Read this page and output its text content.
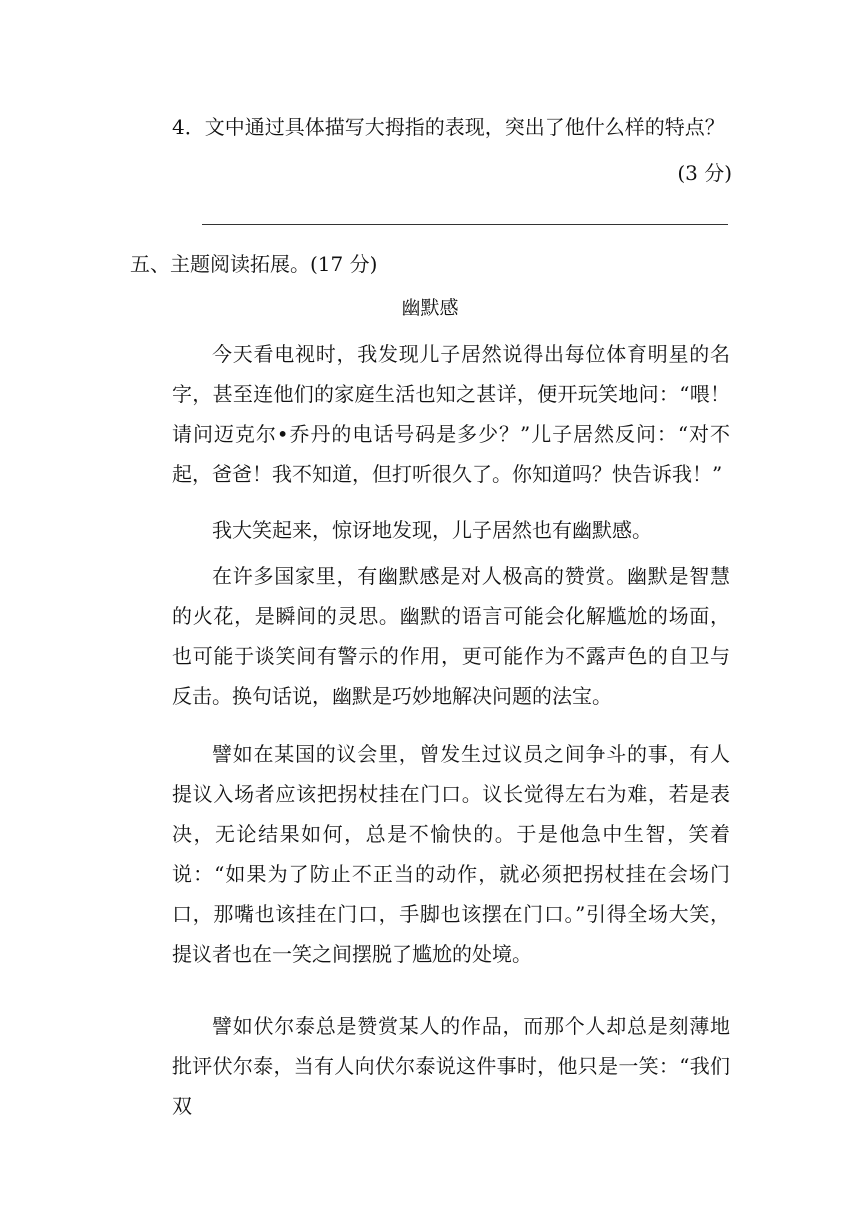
4．文中通过具体描写大拇指的表现，突出了他什么样的特点？
(3 分)
五、主题阅读拓展。(17 分)
幽默感
今天看电视时，我发现儿子居然说得出每位体育明星的名字，甚至连他们的家庭生活也知之甚详，便开玩笑地问：“喂！请问迈克尔•乔丹的电话号码是多少？”儿子居然反问：“对不起，爸爸！我不知道，但打听很久了。你知道吗？快告诉我！”
我大笑起来，惊讶地发现，儿子居然也有幽默感。
在许多国家里，有幽默感是对人极高的赞赏。幽默是智慧的火花，是瞬间的灵思。幽默的语言可能会化解尴尬的场面，也可能于谈笑间有警示的作用，更可能作为不露声色的自卫与反击。换句话说，幽默是巧妙地解决问题的法宝。
譬如在某国的议会里，曾发生过议员之间争斗的事，有人提议入场者应该把拐杖挂在门口。议长觉得左右为难，若是表决，无论结果如何，总是不愉快的。于是他急中生智，笑着说：“如果为了防止不正当的动作，就必须把拐杖挂在会场门口，那嘴也该挂在门口，手脚也该摆在门口。”引得全场大笑，提议者也在一笑之间摆脱了尴尬的处境。
譬如伏尔泰总是赞赏某人的作品，而那个人却总是刻薄地批评伏尔泰，当有人向伏尔泰说这件事时，他只是一笑：“我们双
